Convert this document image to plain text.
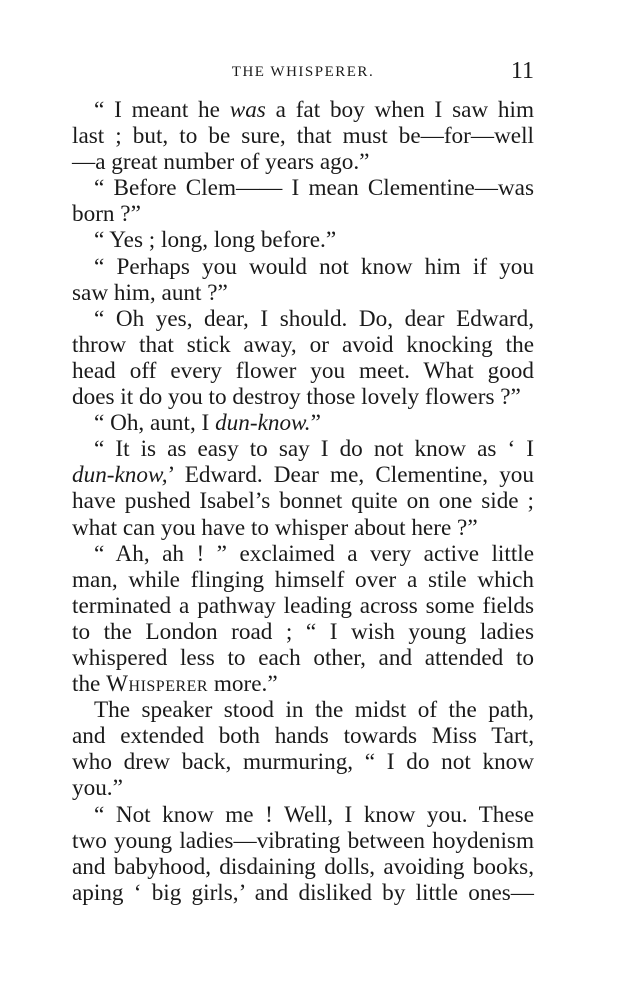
THE WHISPERER.	11
“ I meant he was a fat boy when I saw him
last ; but, to be sure, that must be—for—well
—a great number of years ago.”
“ Before Clem—— I mean Clementine—was
born ?”
“ Yes ; long, long before.”
“ Perhaps you would not know him if you
saw him, aunt ?”
“ Oh yes, dear, I should. Do, dear Edward,
throw that stick away, or avoid knocking the
head off every flower you meet. What good
does it do you to destroy those lovely flowers ?”
“ Oh, aunt, I dun-know.”
“ It is as easy to say I do not know as ‘ I
dun-know,’ Edward. Dear me, Clementine, you
have pushed Isabel’s bonnet quite on one side ;
what can you have to whisper about here ?”
“ Ah, ah ! ” exclaimed a very active little
man, while flinging himself over a stile which
terminated a pathway leading across some fields
to the London road ; “ I wish young ladies
whispered less to each other, and attended to
the Whisperer more.”
The speaker stood in the midst of the path,
and extended both hands towards Miss Tart,
who drew back, murmuring, “ I do not know
you.”
“ Not know me ! Well, I know you. These
two young ladies—vibrating between hoydenism
and babyhood, disdaining dolls, avoiding books,
aping ‘ big girls,’ and disliked by little ones—
